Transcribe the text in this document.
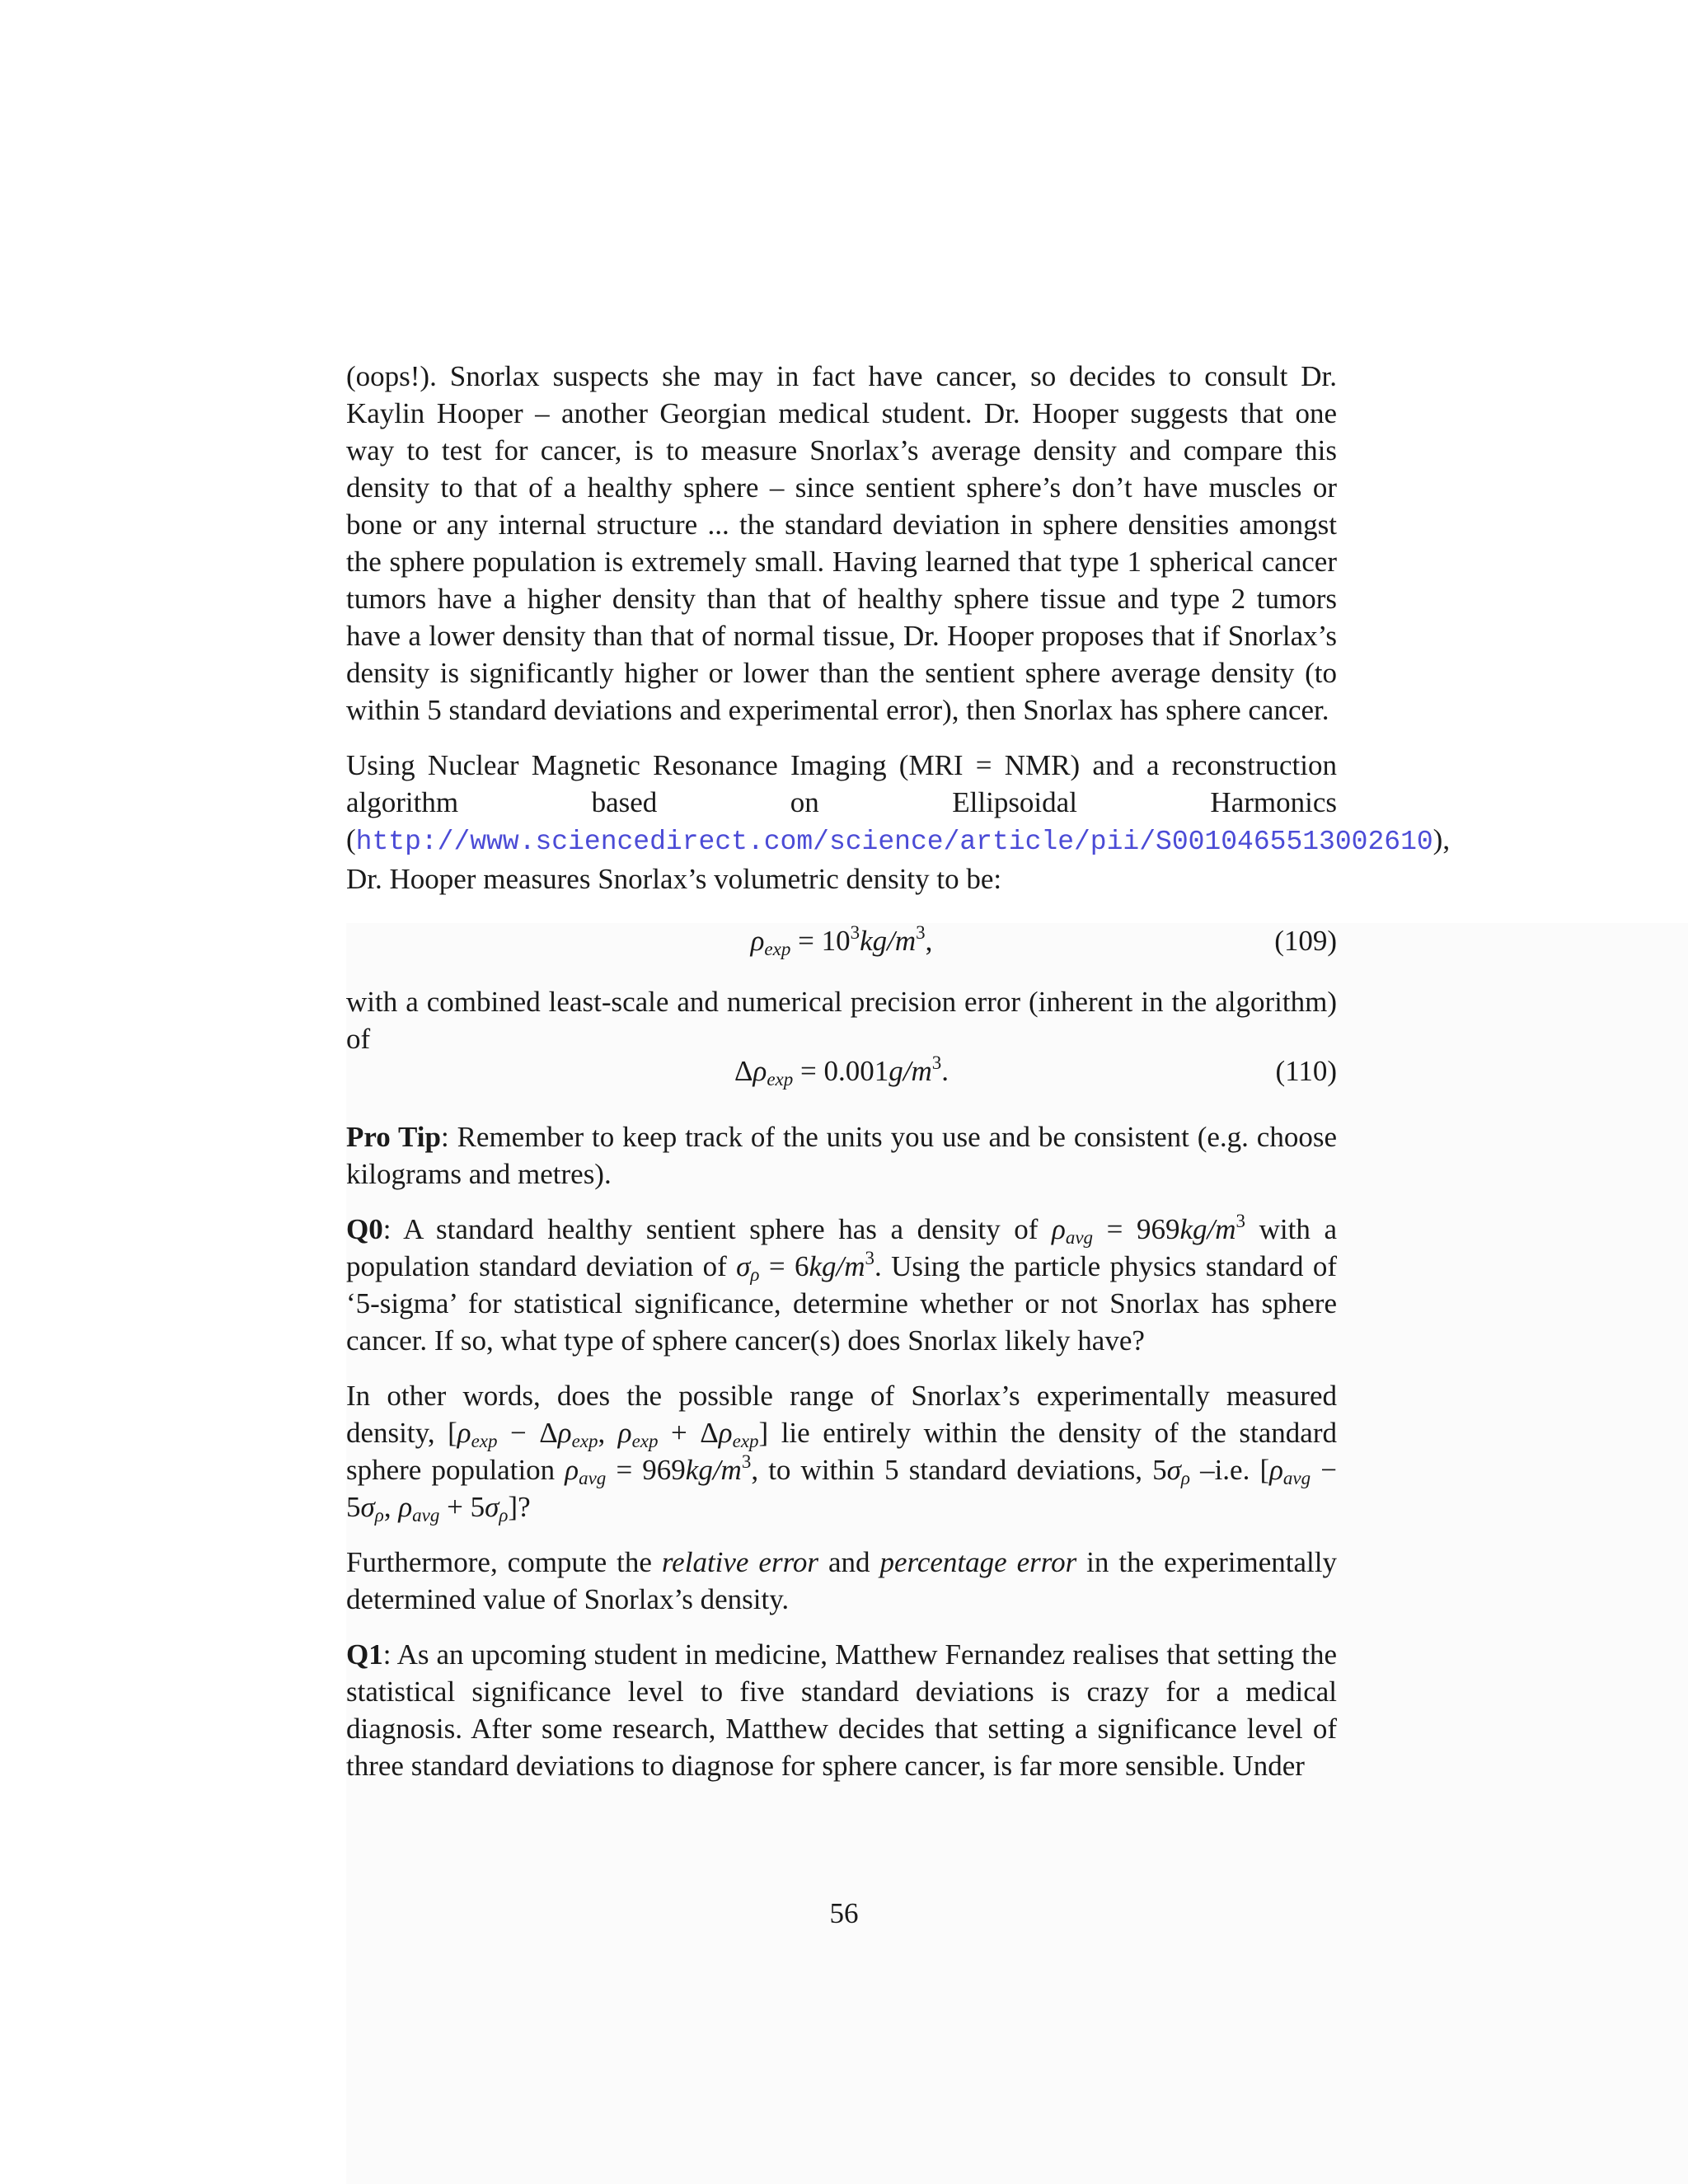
(oops!). Snorlax suspects she may in fact have cancer, so decides to consult Dr. Kaylin Hooper – another Georgian medical student. Dr. Hooper suggests that one way to test for cancer, is to measure Snorlax’s average density and compare this density to that of a healthy sphere – since sentient sphere’s don’t have muscles or bone or any internal structure ... the standard deviation in sphere densities amongst the sphere population is extremely small. Having learned that type 1 spherical cancer tumors have a higher density than that of healthy sphere tissue and type 2 tumors have a lower density than that of normal tissue, Dr. Hooper proposes that if Snorlax’s density is significantly higher or lower than the sentient sphere average density (to within 5 standard deviations and experimental error), then Snorlax has sphere cancer.

Using Nuclear Magnetic Resonance Imaging (MRI = NMR) and a reconstruction algorithm based on Ellipsoidal Harmonics (http://www.sciencedirect.com/science/article/pii/S0010465513002610), Dr. Hooper measures Snorlax’s volumetric density to be:

$\rho_{exp} = 10^3kg/m^3$,	(109)

with a combined least-scale and numerical precision error (inherent in the algorithm) of

$\Delta\rho_{exp} = 0.001g/m^3$.	(110)

Pro Tip: Remember to keep track of the units you use and be consistent (e.g. choose kilograms and metres).

Q0: A standard healthy sentient sphere has a density of $\rho_{avg} = 969kg/m^3$ with a population standard deviation of $\sigma_\rho = 6kg/m^3$. Using the particle physics standard of ‘5-sigma’ for statistical significance, determine whether or not Snorlax has sphere cancer. If so, what type of sphere cancer(s) does Snorlax likely have?

In other words, does the possible range of Snorlax’s experimentally measured density, [$\rho_{exp} - \Delta\rho_{exp}$, $\rho_{exp} + \Delta\rho_{exp}$] lie entirely within the density of the standard sphere population $\rho_{avg} = 969kg/m^3$, to within 5 standard deviations, $5\sigma_\rho$ –i.e. [$\rho_{avg} - 5\sigma_\rho$, $\rho_{avg} + 5\sigma_\rho$]?

Furthermore, compute the relative error and percentage error in the experimentally determined value of Snorlax’s density.

Q1: As an upcoming student in medicine, Matthew Fernandez realises that setting the statistical significance level to five standard deviations is crazy for a medical diagnosis. After some research, Matthew decides that setting a significance level of three standard deviations to diagnose for sphere cancer, is far more sensible. Under

56
